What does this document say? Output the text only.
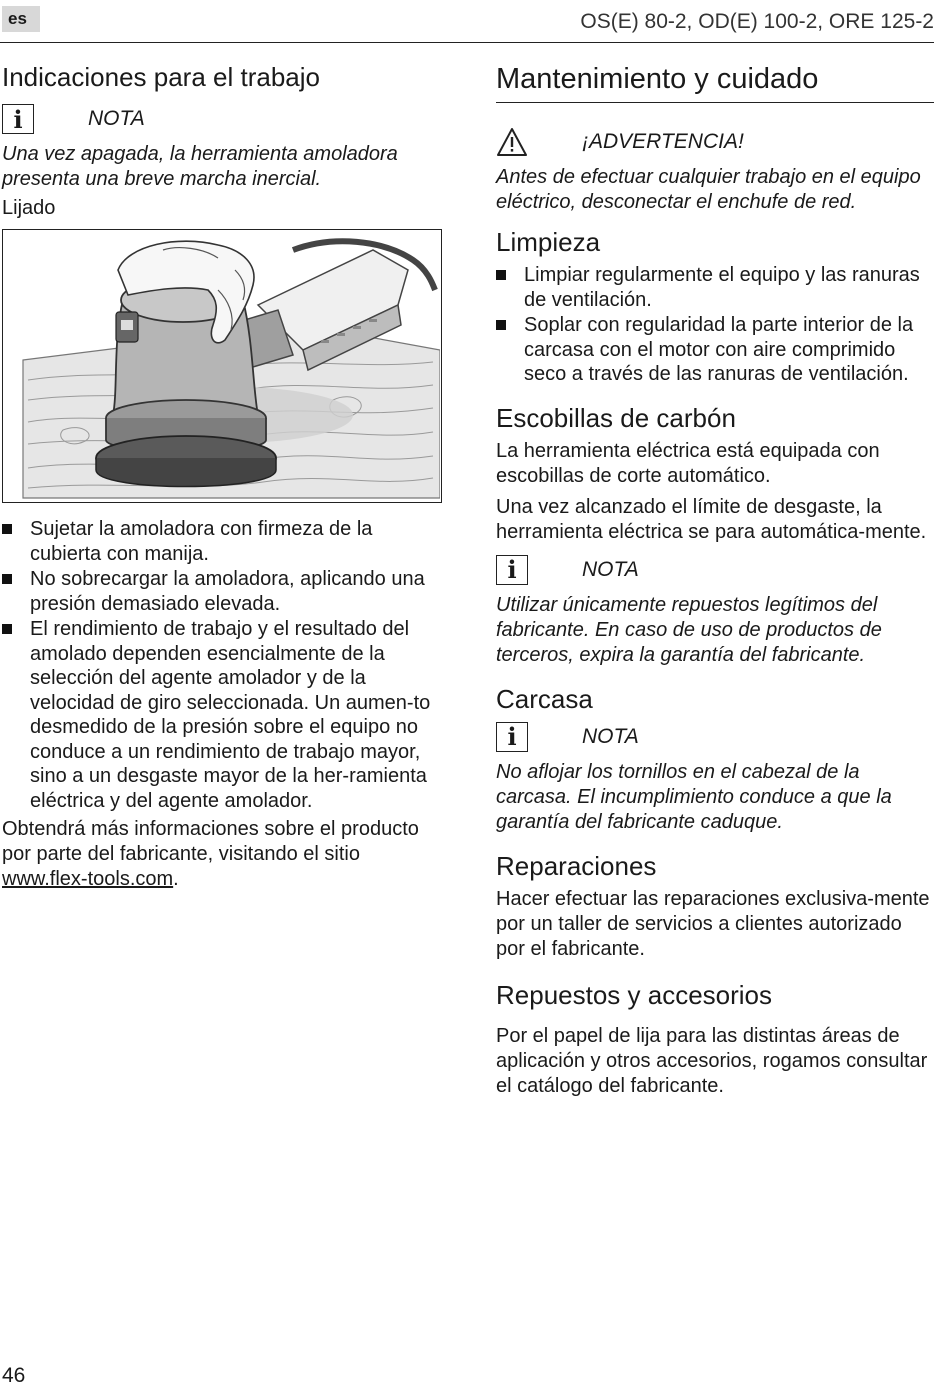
es	OS(E) 80-2, OD(E) 100-2, ORE 125-2
Indicaciones para el trabajo
i	NOTA

Una vez apagada, la herramienta amoladora presenta una breve marcha inercial.

Lijado
Sujetar la amoladora con firmeza de la cubierta con manija.
No sobrecargar la amoladora, aplicando una presión demasiado elevada.
El rendimiento de trabajo y el resultado del amolado dependen esencialmente de la selección del agente amolador y de la velocidad de giro seleccionada. Un aumen-to desmedido de la presión sobre el equipo no conduce a un rendimiento de trabajo mayor, sino a un desgaste mayor de la her-ramienta eléctrica y del agente amolador.

Obtendrá más informaciones sobre el producto por parte del fabricante, visitando el sitio www.flex-tools.com.

Mantenimiento y cuidado
¡ADVERTENCIA!

Antes de efectuar cualquier trabajo en el equipo eléctrico, desconectar el enchufe de red.

Limpieza
Limpiar regularmente el equipo y las ranuras de ventilación.
Soplar con regularidad la parte interior de la carcasa con el motor con aire comprimido seco a través de las ranuras de ventilación.
Escobillas de carbón

La herramienta eléctrica está equipada con escobillas de corte automático.

Una vez alcanzado el límite de desgaste, la herramienta eléctrica se para automática-mente.

i	NOTA

Utilizar únicamente repuestos legítimos del fabricante. En caso de uso de productos de terceros, expira la garantía del fabricante.

Carcasa
i	NOTA

No aflojar los tornillos en el cabezal de la carcasa. El incumplimiento conduce a que la garantía del fabricante caduque.

Reparaciones

Hacer efectuar las reparaciones exclusiva-mente por un taller de servicios a clientes autorizado por el fabricante.

Repuestos y accesorios

Por el papel de lija para las distintas áreas de aplicación y otros accesorios, rogamos consultar el catálogo del fabricante.

46
